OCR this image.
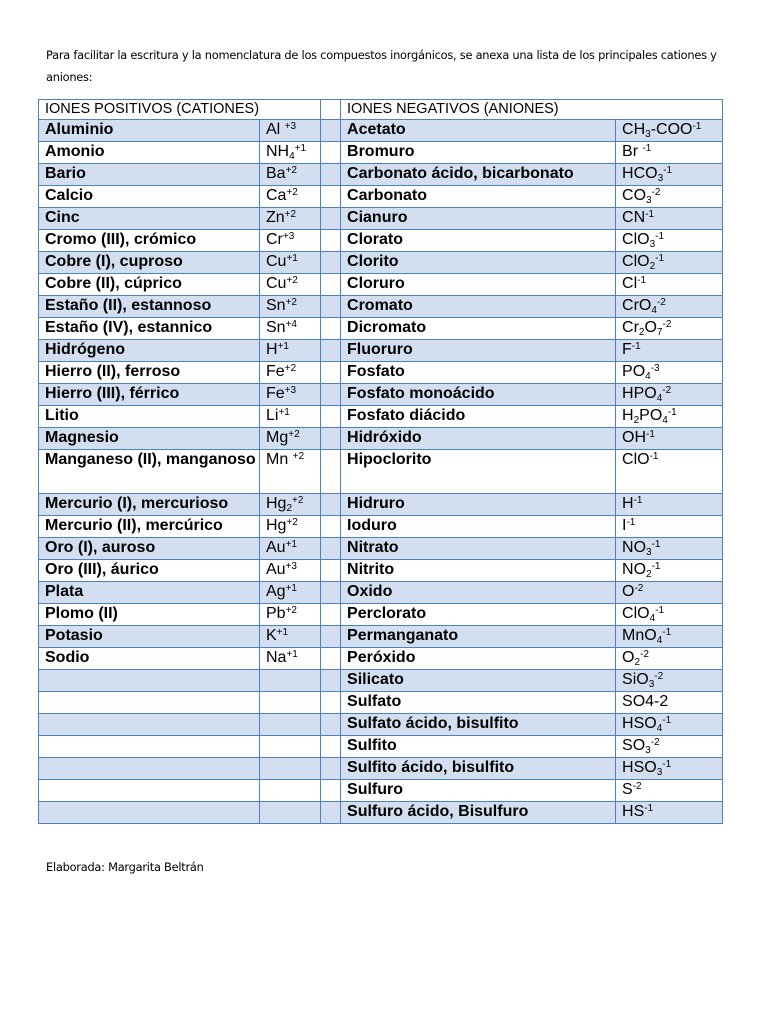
Para facilitar la escritura y la nomenclatura de los compuestos inorgánicos, se anexa una lista de los principales cationes y aniones:
IONES POSITIVOS (CATIONES)			IONES NEGATIVOS (ANIONES)	
Aluminio	Al $^{+3}$		Acetato	$CH_3-COO^{-1}$
Amonio	$NH_4^{+1}$		Bromuro	Br $^{-1}$
Bario	$Ba^{+2}$		Carbonato ácido, bicarbonato	$HCO_3^{-1}$
Calcio	$Ca^{+2}$		Carbonato	$CO_3^{-2}$
Cinc	$Zn^{+2}$		Cianuro	$CN^{-1}$
Cromo (III), crómico	$Cr^{+3}$		Clorato	ClO$_3^{-1}$
Cobre (I), cuproso	$Cu^{+1}$		Clorito	ClO$_2^{-1}$
Cobre (II), cúprico	$Cu^{+2}$		Cloruro	$Cl^{-1}$
Estaño (II), estannoso	$Sn^{+2}$		Cromato	CrO$_4^{-2}$
Estaño (IV), estannico	$Sn^{+4}$		Dicromato	$Cr_2O_7^{-2}$
Hidrógeno	$H^{+1}$		Fluoruro	$F^{-1}$
Hierro (II), ferroso	$Fe^{+2}$		Fosfato	$PO_4^{-3}$
Hierro (III), férrico	$Fe^{+3}$		Fosfato monoácido	$HPO_4^{-2}$
Litio	$Li^{+1}$		Fosfato diácido	$H_2PO_4^{-1}$
Magnesio	$Mg^{+2}$		Hidróxido	$OH^{-1}$
Manganeso (II), manganoso	Mn $^{+2}$		Hipoclorito	ClO$^{-1}$
Mercurio (I), mercurioso	$Hg_2^{+2}$		Hidruro	$H^{-1}$
Mercurio (II), mercúrico	$Hg^{+2}$		Ioduro	$I^{-1}$
Oro (I), auroso	$Au^{+1}$		Nitrato	$NO_3^{-1}$
Oro (III), áurico	$Au^{+3}$		Nitrito	$NO_2^{-1}$
Plata	$Ag^{+1}$		Oxido	$O^{-2}$
Plomo (II)	$Pb^{+2}$		Perclorato	ClO$_4^{-1}$
Potasio	$K^{+1}$		Permanganato	MnO$_4^{-1}$
Sodio	$Na^{+1}$		Peróxido	$O_2^{-2}$
			Silicato	SiO$_3^{-2}$
			Sulfato	SO4-2
			Sulfato ácido, bisulfito	$HSO_4^{-1}$
			Sulfito	$SO_3^{-2}$
			Sulfito ácido, bisulfito	$HSO_3^{-1}$
			Sulfuro	$S^{-2}$
			Sulfuro ácido, Bisulfuro	$HS^{-1}$
Elaborada: Margarita Beltrán
